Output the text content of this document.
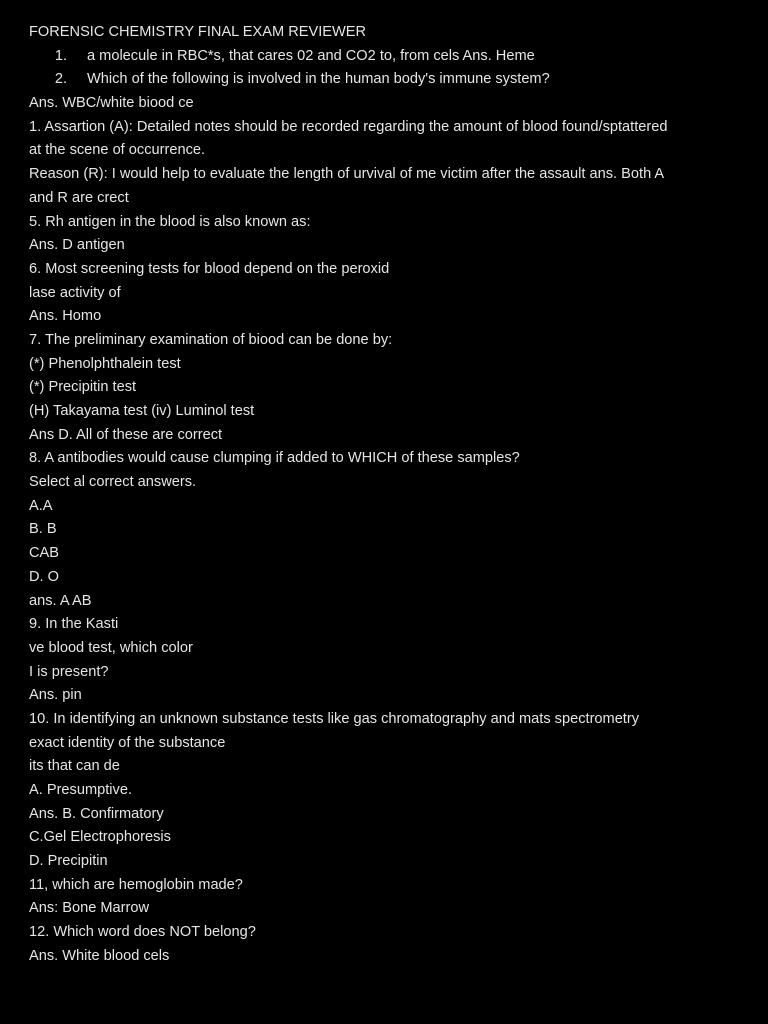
FORENSIC CHEMISTRY FINAL EXAM REVIEWER
1.	a molecule in RBC*s, that cares 02 and CO2 to, from cels Ans. Heme
2.	Which of the following is involved in the human body's immune system?
Ans. WBC/white biood ce
1. Assartion (A): Detailed notes should be recorded regarding the amount of blood found/sptattered
at the scene of occurrence.
Reason (R): I would help to evaluate the length of urvival of me victim after the assault ans. Both A
and R are crect
5. Rh antigen in the blood is also known as:
Ans. D antigen
6. Most screening tests for blood depend on the peroxid
lase activity of
Ans. Homo
7. The preliminary examination of biood can be done by:
(*) Phenolphthalein test
(*) Precipitin test
(H) Takayama test (iv) Luminol test
Ans D. All of these are correct
8. A antibodies would cause clumping if added to WHICH of these samples?
Select al correct answers.
A.A
B. B
CAB
D. O
ans. A AB
9. In the Kasti
ve blood test, which color
I is present?
Ans. pin
10. In identifying an unknown substance tests like gas chromatography and mats spectrometry
exact identity of the substance
its that can de
A. Presumptive.
Ans. B. Confirmatory
C.Gel Electrophoresis
D. Precipitin
11, which are hemoglobin made?
Ans: Bone Marrow
12. Which word does NOT belong?
Ans. White blood cels
